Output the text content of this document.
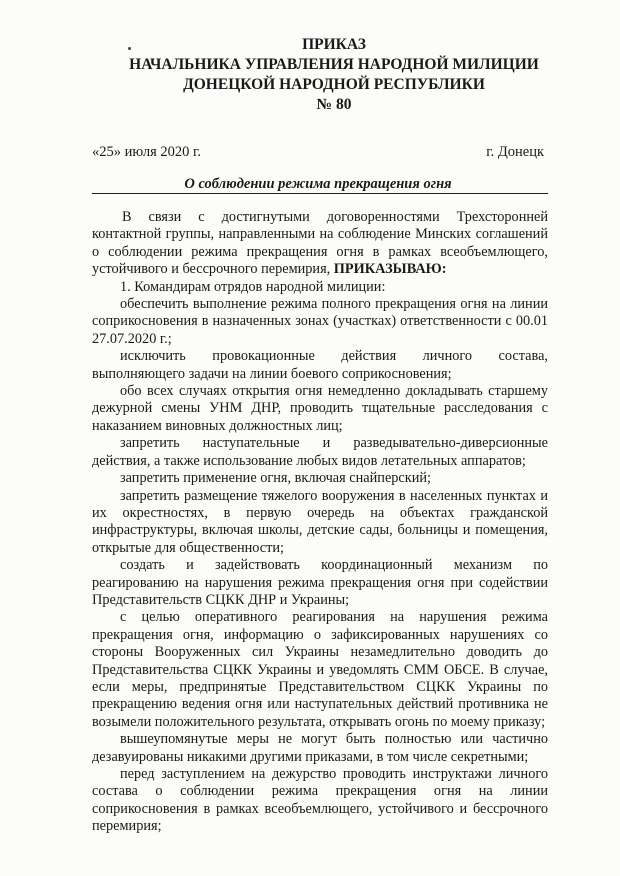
ПРИКАЗ
НАЧАЛЬНИКА УПРАВЛЕНИЯ НАРОДНОЙ МИЛИЦИИ
ДОНЕЦКОЙ НАРОДНОЙ РЕСПУБЛИКИ
№ 80
«25» июля 2020 г.	г. Донецк
О соблюдении режима прекращения огня

В связи с достигнутыми договоренностями Трехсторонней контактной группы, направленными на соблюдение Минских соглашений о соблюдении режима прекращения огня в рамках всеобъемлющего, устойчивого и бессрочного перемирия, ПРИКАЗЫВАЮ:

1. Командирам отрядов народной милиции:

обеспечить выполнение режима полного прекращения огня на линии соприкосновения в назначенных зонах (участках) ответственности с 00.01 27.07.2020 г.;

исключить провокационные действия личного состава, выполняющего задачи на линии боевого соприкосновения;

обо всех случаях открытия огня немедленно докладывать старшему дежурной смены УНМ ДНР, проводить тщательные расследования с наказанием виновных должностных лиц;

запретить наступательные и разведывательно-диверсионные действия, а также использование любых видов летательных аппаратов;

запретить применение огня, включая снайперский;

запретить размещение тяжелого вооружения в населенных пунктах и их окрестностях, в первую очередь на объектах гражданской инфраструктуры, включая школы, детские сады, больницы и помещения, открытые для общественности;

создать и задействовать координационный механизм по реагированию на нарушения режима прекращения огня при содействии Представительств СЦКК ДНР и Украины;

с целью оперативного реагирования на нарушения режима прекращения огня, информацию о зафиксированных нарушениях со стороны Вооруженных сил Украины незамедлительно доводить до Представительства СЦКК Украины и уведомлять СММ ОБСЕ. В случае, если меры, предпринятые Представительством СЦКК Украины по прекращению ведения огня или наступательных действий противника не возымели положительного результата, открывать огонь по моему приказу;

вышеупомянутые меры не могут быть полностью или частично дезавуированы никакими другими приказами, в том числе секретными;

перед заступлением на дежурство проводить инструктажи личного состава о соблюдении режима прекращения огня на линии соприкосновения в рамках всеобъемлющего, устойчивого и бессрочного перемирия;
